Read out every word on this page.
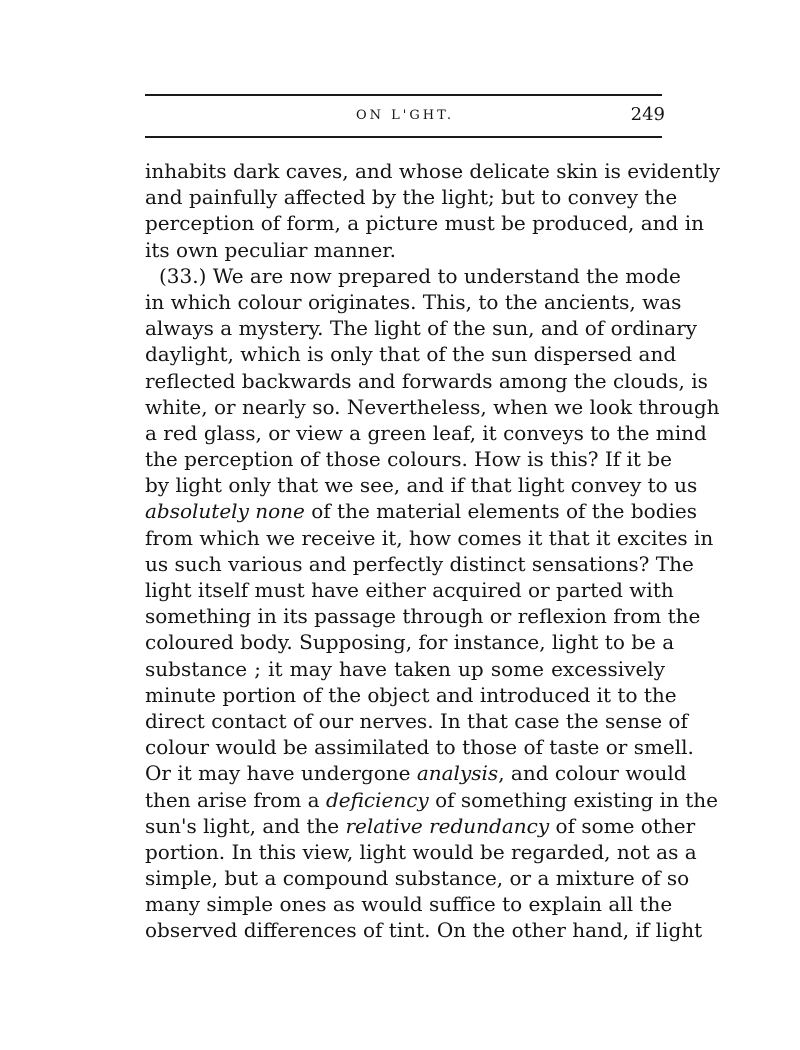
ON L'GHT.	249
inhabits dark caves, and whose delicate skin is evidently
and painfully affected by the light; but to convey the
perception of form, a picture must be produced, and in
its own peculiar manner.
(33.) We are now prepared to understand the mode
in which colour originates. This, to the ancients, was
always a mystery. The light of the sun, and of ordinary
daylight, which is only that of the sun dispersed and
reflected backwards and forwards among the clouds, is
white, or nearly so. Nevertheless, when we look through
a red glass, or view a green leaf, it conveys to the mind
the perception of those colours. How is this? If it be
by light only that we see, and if that light convey to us
absolutely none of the material elements of the bodies
from which we receive it, how comes it that it excites in
us such various and perfectly distinct sensations? The
light itself must have either acquired or parted with
something in its passage through or reflexion from the
coloured body. Supposing, for instance, light to be a
substance ; it may have taken up some excessively
minute portion of the object and introduced it to the
direct contact of our nerves. In that case the sense of
colour would be assimilated to those of taste or smell.
Or it may have undergone analysis, and colour would
then arise from a deficiency of something existing in the
sun's light, and the relative redundancy of some other
portion. In this view, light would be regarded, not as a
simple, but a compound substance, or a mixture of so
many simple ones as would suffice to explain all the
observed differences of tint. On the other hand, if light
